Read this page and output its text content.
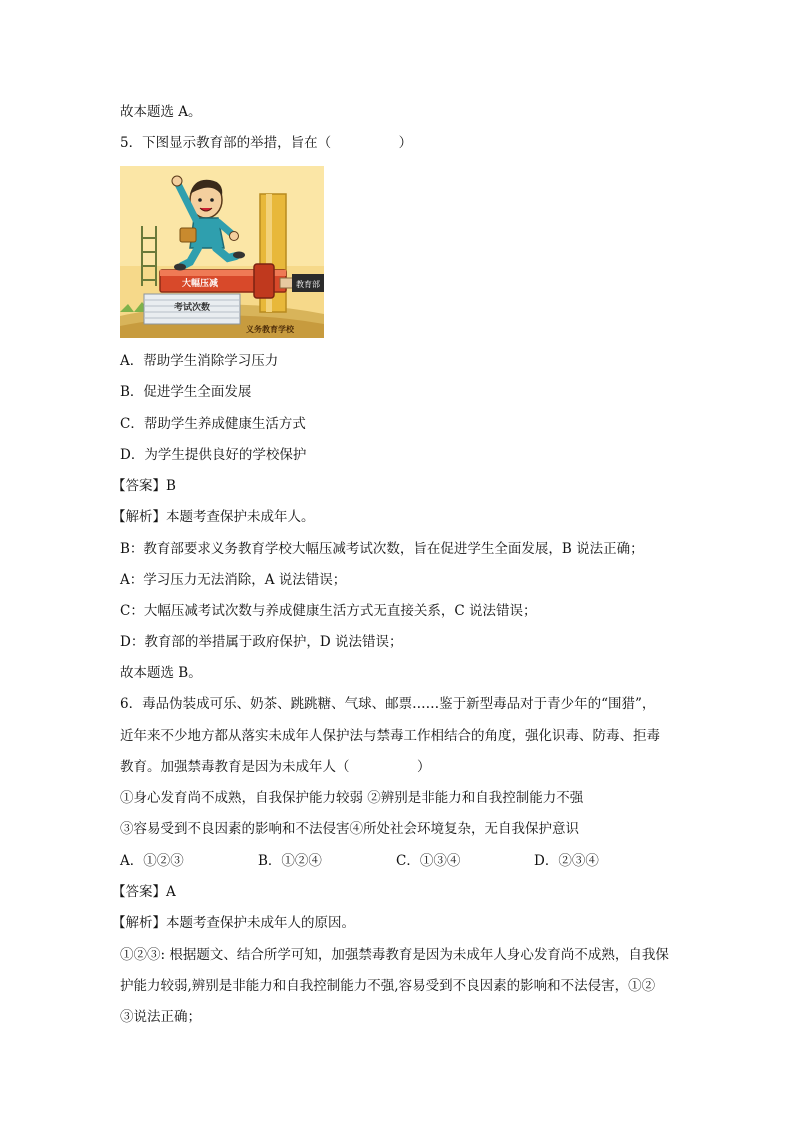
故本题选 A。
5．下图显示教育部的举措，旨在（　　　　　）
考试次数
大幅压减	教育部
义务教育学校
A．帮助学生消除学习压力
B．促进学生全面发展
C．帮助学生养成健康生活方式
D．为学生提供良好的学校保护
【答案】B
【解析】本题考查保护未成年人。
B：教育部要求义务教育学校大幅压减考试次数，旨在促进学生全面发展，B 说法正确；
A：学习压力无法消除，A 说法错误；
C：大幅压减考试次数与养成健康生活方式无直接关系，C 说法错误；
D：教育部的举措属于政府保护，D 说法错误；
故本题选 B。
6．毒品伪装成可乐、奶茶、跳跳糖、气球、邮票……鉴于新型毒品对于青少年的“围猎”，
近年来不少地方都从落实未成年人保护法与禁毒工作相结合的角度，强化识毒、防毒、拒毒
教育。加强禁毒教育是因为未成年人（　　　　　）
①身心发育尚不成熟，自我保护能力较弱 ②辨别是非能力和自我控制能力不强
③容易受到不良因素的影响和不法侵害④所处社会环境复杂，无自我保护意识
A．①②③	B．①②④	C．①③④	D．②③④
【答案】A
【解析】本题考查保护未成年人的原因。
①②③: 根据题文、结合所学可知，加强禁毒教育是因为未成年人身心发育尚不成熟，自我保
护能力较弱,辨别是非能力和自我控制能力不强,容易受到不良因素的影响和不法侵害，①②
③说法正确；
